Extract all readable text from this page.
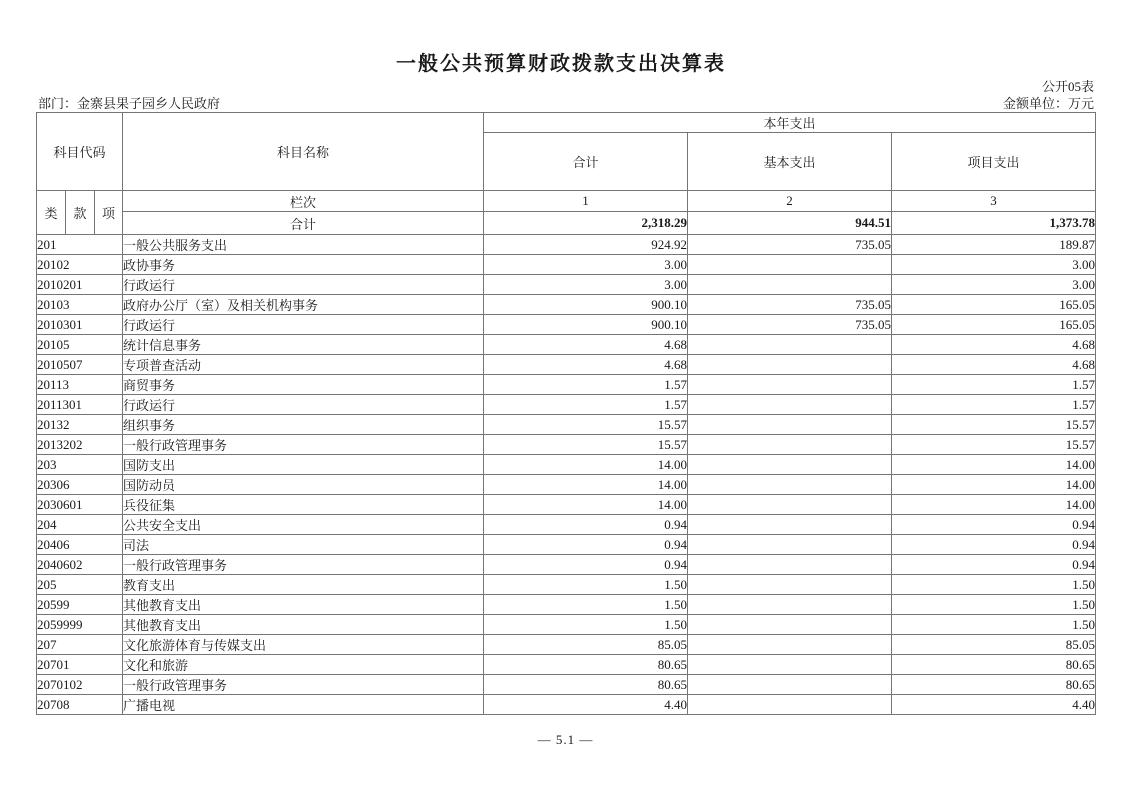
一般公共预算财政拨款支出决算表
公开05表
部门：金寨县果子园乡人民政府	金额单位：万元
科目代码			科目名称	本年支出		
				合计	基本支出	项目支出
类	款	项	栏次	1	2	3
			合计	2,318.29	944.51	1,373.78
201			一般公共服务支出	924.92	735.05	189.87
20102			政协事务	3.00		3.00
2010201			行政运行	3.00		3.00
20103			政府办公厅（室）及相关机构事务	900.10	735.05	165.05
2010301			行政运行	900.10	735.05	165.05
20105			统计信息事务	4.68		4.68
2010507			专项普查活动	4.68		4.68
20113			商贸事务	1.57		1.57
2011301			行政运行	1.57		1.57
20132			组织事务	15.57		15.57
2013202			一般行政管理事务	15.57		15.57
203			国防支出	14.00		14.00
20306			国防动员	14.00		14.00
2030601			兵役征集	14.00		14.00
204			公共安全支出	0.94		0.94
20406			司法	0.94		0.94
2040602			一般行政管理事务	0.94		0.94
205			教育支出	1.50		1.50
20599			其他教育支出	1.50		1.50
2059999			其他教育支出	1.50		1.50
207			文化旅游体育与传媒支出	85.05		85.05
20701			文化和旅游	80.65		80.65
2070102			一般行政管理事务	80.65		80.65
20708			广播电视	4.40		4.40
— 5.1 —
